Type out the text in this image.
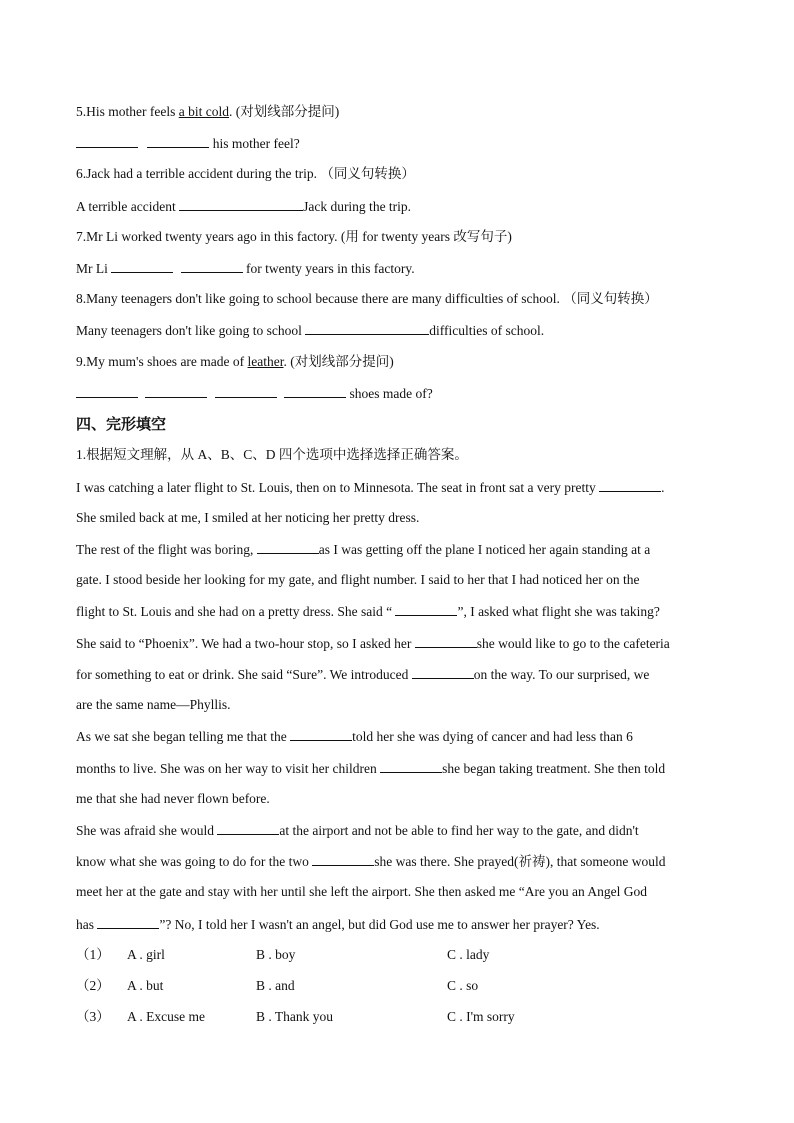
5.His mother feels a bit cold. (对划线部分提问)
his mother feel?
6.Jack had a terrible accident during the trip. （同义句转换）
A terrible accident	Jack during the trip.
7.Mr Li worked twenty years ago in this factory. (用 for twenty years 改写句子)
Mr Li	for twenty years in this factory.
8.Many teenagers don't like going to school because there are many difficulties of school. （同义句转换）
Many teenagers don't like going to school	difficulties of school.
9.My mum's shoes are made of leather. (对划线部分提问)
shoes made of?
四、完形填空
1.根据短文理解，从 A、B、C、D 四个选项中选择选择正确答案。
I was catching a later flight to St. Louis, then on to Minnesota. The seat in front sat a very pretty	.
She smiled back at me, I smiled at her noticing her pretty dress.
The rest of the flight was boring,	as I was getting off the plane I noticed her again standing at a
gate. I stood beside her looking for my gate, and flight number. I said to her that I had noticed her on the
flight to St. Louis and she had on a pretty dress. She said “	”, I asked what flight she was taking?
She said to “Phoenix”. We had a two-hour stop, so I asked her	she would like to go to the cafeteria
for something to eat or drink. She said “Sure”. We introduced	on the way. To our surprised, we
are the same name—Phyllis.
As we sat she began telling me that the	told her she was dying of cancer and had less than 6
months to live. She was on her way to visit her children	she began taking treatment. She then told
me that she had never flown before.
She was afraid she would	at the airport and not be able to find her way to the gate, and didn't
know what she was going to do for the two	she was there. She prayed(祈祷), that someone would
meet her at the gate and stay with her until she left the airport. She then asked me “Are you an Angel God
has	”? No, I told her I wasn't an angel, but did God use me to answer her prayer? Yes.
（1） A . girl	B . boy	C . lady
（2） A . but	B . and	C . so
（3） A . Excuse me	B . Thank you	C . I'm sorry
